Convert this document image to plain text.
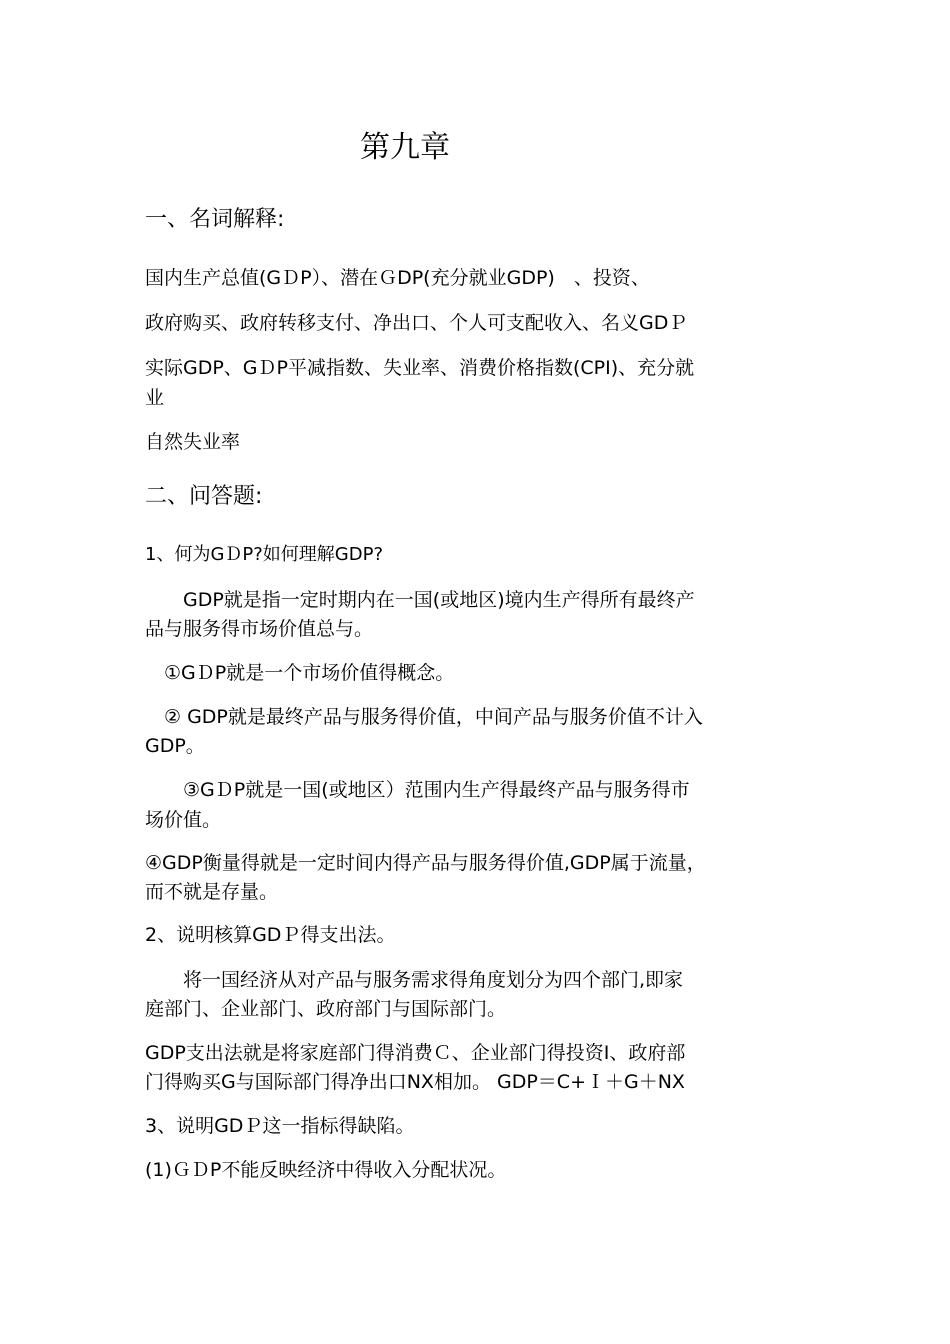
第九章
一、名词解释:
国内生产总值(GＤP）、潜在ＧDP(充分就业GDP)　、投资、
政府购买、政府转移支付、净出口、个人可支配收入、名义GDＰ
实际GDP、GＤP平减指数、失业率、消费价格指数(CPI)、充分就
业
自然失业率
二、问答题:
1、何为GＤP?如何理解GDP?
　　GDP就是指一定时期内在一国(或地区)境内生产得所有最终产
品与服务得市场价值总与。
　①GＤP就是一个市场价值得概念。
　② GDP就是最终产品与服务得价值，中间产品与服务价值不计入
GDP。
　　③GＤP就是一国(或地区）范围内生产得最终产品与服务得市
场价值。
④GDP衡量得就是一定时间内得产品与服务得价值,GDP属于流量，
而不就是存量。
2、说明核算GDＰ得支出法。
　　将一国经济从对产品与服务需求得角度划分为四个部门,即家
庭部门、企业部门、政府部门与国际部门。
GDP支出法就是将家庭部门得消费Ｃ、企业部门得投资I、政府部
门得购买G与国际部门得净出口NX相加。 GDP＝C+Ｉ＋G＋NX
3、说明GDＰ这一指标得缺陷。
(1)ＧＤP不能反映经济中得收入分配状况。
